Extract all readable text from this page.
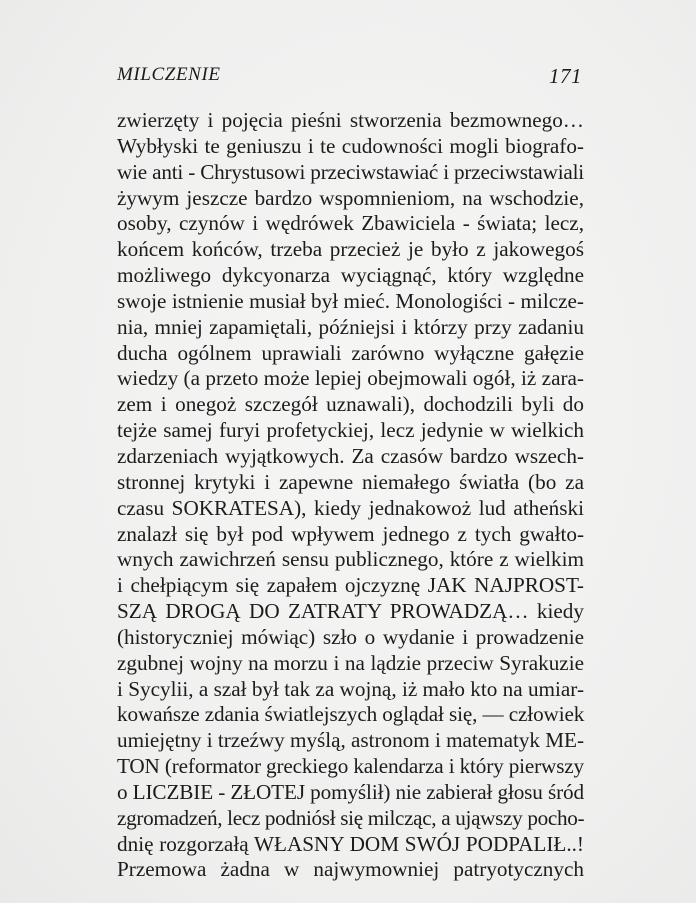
MILCZENIE	171
zwierzęty i pojęcia pieśni stworzenia bezmownego…
Wybłyski te geniuszu i te cudowności mogli biografo-
wie anti - Chrystusowi przeciwstawiać i przeciwstawiali
żywym jeszcze bardzo wspomnieniom, na wschodzie,
osoby, czynów i wędrówek Zbawiciela - świata; lecz,
końcem końców, trzeba przecież je było z jakowegoś
możliwego dykcyonarza wyciągnąć, który względne
swoje istnienie musiał był mieć. Monologiści - milcze-
nia, mniej zapamiętali, późniejsi i którzy przy zadaniu
ducha ogólnem uprawiali zarówno wyłączne gałęzie
wiedzy (a przeto może lepiej obejmowali ogół, iż zara-
zem i onegoż szczegół uznawali), dochodzili byli do
tejże samej furyi profetyckiej, lecz jedynie w wielkich
zdarzeniach wyjątkowych. Za czasów bardzo wszech-
stronnej krytyki i zapewne niemałego światła (bo za
czasu SOKRATESA), kiedy jednakowoż lud atheński
znalazł się był pod wpływem jednego z tych gwałto-
wnych zawichrzeń sensu publicznego, które z wielkim
i chełpiącym się zapałem ojczyznę JAK NAJPROST-
SZĄ DROGĄ DO ZATRATY PROWADZĄ… kiedy
(historyczniej mówiąc) szło o wydanie i prowadzenie
zgubnej wojny na morzu i na lądzie przeciw Syrakuzie
i Sycylii, a szał był tak za wojną, iż mało kto na umiar-
kowańsze zdania światlejszych oglądał się, — człowiek
umiejętny i trzeźwy myślą, astronom i matematyk ME-
TON (reformator greckiego kalendarza i który pierwszy
o LICZBIE - ZŁOTEJ pomyślił) nie zabierał głosu śród
zgromadzeń, lecz podniósł się milcząc, a ująwszy pocho-
dnię rozgorzałą WŁASNY DOM SWÓJ PODPALIŁ..!
Przemowa żadna w najwymowniej patryotycznych
